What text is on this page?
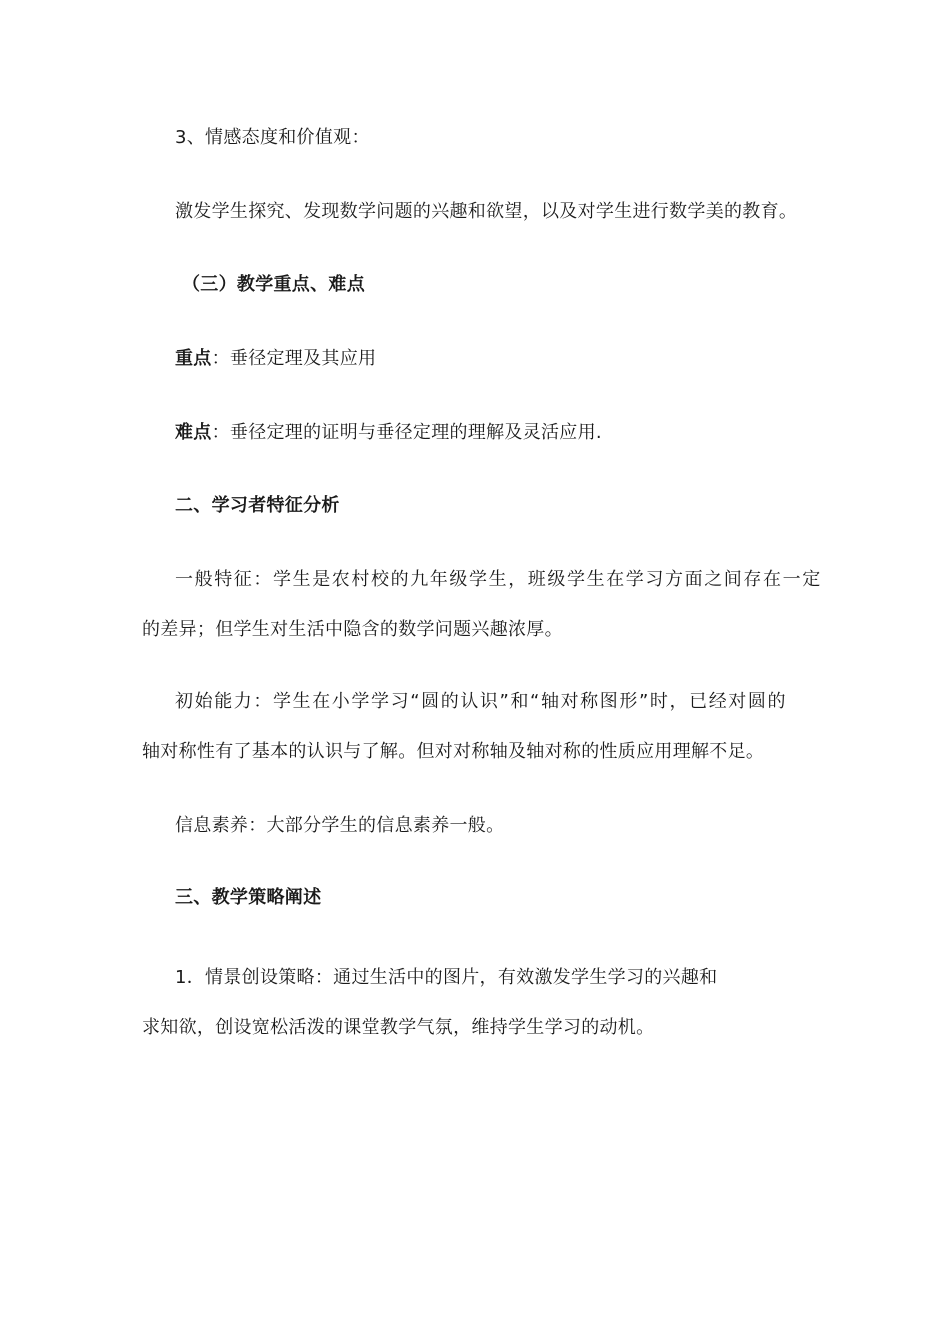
3、情感态度和价值观：
激发学生探究、发现数学问题的兴趣和欲望，以及对学生进行数学美的教育。
（三）教学重点、难点
重点：垂径定理及其应用
难点：垂径定理的证明与垂径定理的理解及灵活应用.
二、学习者特征分析
一般特征：学生是农村校的九年级学生，班级学生在学习方面之间存在一定
的差异；但学生对生活中隐含的数学问题兴趣浓厚。
初始能力：学生在小学学习“圆的认识”和“轴对称图形”时，已经对圆的
轴对称性有了基本的认识与了解。但对对称轴及轴对称的性质应用理解不足。
信息素养：大部分学生的信息素养一般。
三、教学策略阐述
1．情景创设策略：通过生活中的图片，有效激发学生学习的兴趣和
求知欲，创设宽松活泼的课堂教学气氛，维持学生学习的动机。
